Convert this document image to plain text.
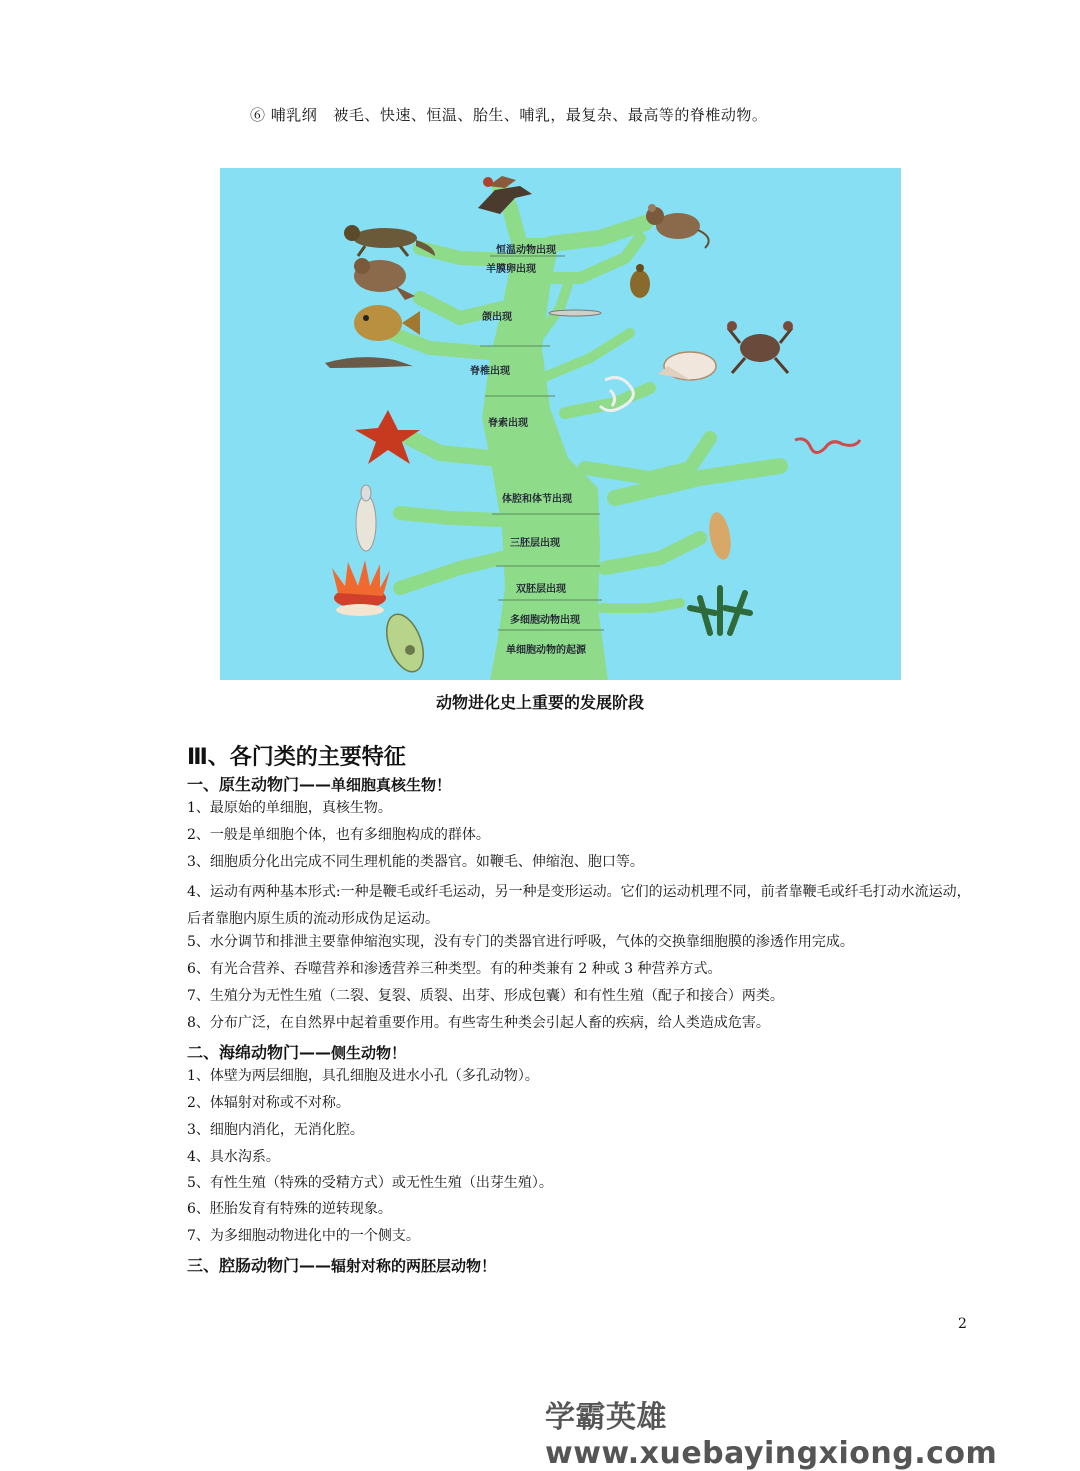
⑥ 哺乳纲 被毛、快速、恒温、胎生、哺乳，最复杂、最高等的脊椎动物。
恒温动物出现
羊膜卵出现
颌出现
脊椎出现
脊索出现
体腔和体节出现
三胚层出现
双胚层出现
多细胞动物出现
单细胞动物的起源
动物进化史上重要的发展阶段
Ⅲ、各门类的主要特征
一、原生动物门——单细胞真核生物！
1、最原始的单细胞，真核生物。
2、一般是单细胞个体，也有多细胞构成的群体。
3、细胞质分化出完成不同生理机能的类器官。如鞭毛、伸缩泡、胞口等。
4、运动有两种基本形式:一种是鞭毛或纤毛运动，另一种是变形运动。它们的运动机理不同，前者靠鞭毛或纤毛打动水流运动，后者靠胞内原生质的流动形成伪足运动。
5、水分调节和排泄主要靠伸缩泡实现，没有专门的类器官进行呼吸，气体的交换靠细胞膜的渗透作用完成。
6、有光合营养、吞噬营养和渗透营养三种类型。有的种类兼有 2 种或 3 种营养方式。
7、生殖分为无性生殖（二裂、复裂、质裂、出芽、形成包囊）和有性生殖（配子和接合）两类。
8、分布广泛，在自然界中起着重要作用。有些寄生种类会引起人畜的疾病，给人类造成危害。
二、海绵动物门——侧生动物！
1、体壁为两层细胞，具孔细胞及进水小孔（多孔动物）。
2、体辐射对称或不对称。
3、细胞内消化，无消化腔。
4、具水沟系。
5、有性生殖（特殊的受精方式）或无性生殖（出芽生殖）。
6、胚胎发育有特殊的逆转现象。
7、为多细胞动物进化中的一个侧支。
三、腔肠动物门——辐射对称的两胚层动物！
2
学霸英雄 www.xuebayingxiong.com
